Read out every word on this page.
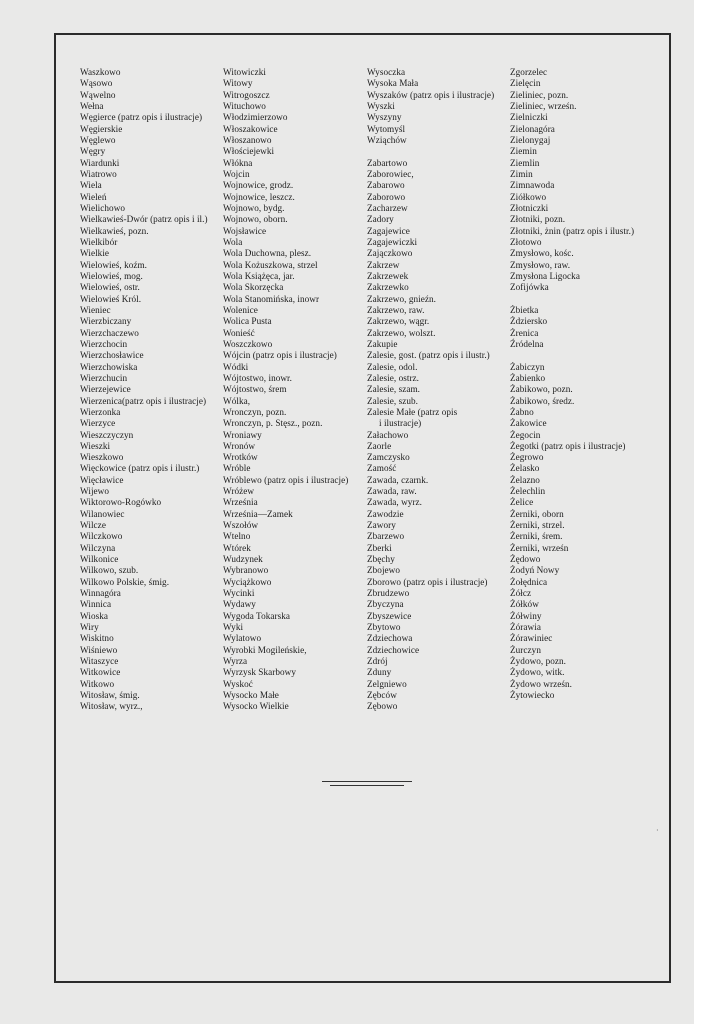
Waszkowo
Wąsowo
Wąwelno
Wełna
Węgierce (patrz opis i ilustracje)
Węgierskie
Węglewo
Węgry
Wiardunki
Wiatrowo
Wiela
Wieleń
Wielichowo
Wielkawieś-Dwór (patrz opis i il.)
Wielkawieś, pozn.
Wielkibór
Wielkie
Wielowieś, koźm.
Wielowieś, mog.
Wielowieś, ostr.
Wielowieś Król.
Wieniec
Wierzbiczany
Wierzchaczewo
Wierzchocin
Wierzchosławice
Wierzchowiska
Wierzchucin
Wierzejewice
Wierzenica(patrz opis i ilustracje)
Wierzonka
Wierzyce
Wieszczyczyn
Wieszki
Wieszkowo
Więckowice (patrz opis i ilustr.)
Więcławice
Wijewo
Wiktorowo-Rogówko
Wilanowiec
Wilcze
Wilczkowo
Wilczyna
Wilkonice
Wilkowo, szub.
Wilkowo Polskie, śmig.
Winnagóra
Winnica
Wioska
Wiry
Wiskitno
Wiśniewo
Witaszyce
Witkowice
Witkowo
Witosław, śmig.
Witosław, wyrz.,
Witowiczki
Witowy
Witrogoszcz
Wituchowo
Włodzimierzowo
Włoszakowice
Włoszanowo
Włościejewki
Włókna
Wojcin
Wojnowice, grodz.
Wojnowice, leszcz.
Wojnowo, bydg.
Wojnowo, oborn.
Wojsławice
Wola
Wola Duchowna, plesz.
Wola Kożuszkowa, strzel
Wola Książęca, jar.
Wola Skorzęcka
Wola Stanomińska, inowr
Wolenice
Wolica Pusta
Wonieść
Woszczkowo
Wójcin (patrz opis i ilustracje)
Wódki
Wójtostwo, inowr.
Wójtostwo, śrem
Wólka,
Wronczyn, pozn.
Wronczyn, p. Stęsz., pozn.
Wroniawy
Wronów
Wrotków
Wróble
Wróblewo (patrz opis i ilustracje)
Wróżew
Września
Września—Zamek
Wszołów
Wtelno
Wtórek
Wudzynek
Wybranowo
Wyciążkowo
Wycinki
Wydawy
Wygoda Tokarska
Wyki
Wylatowo
Wyrobki Mogileńskie,
Wyrza
Wyrzysk Skarbowy
Wyskoć
Wysocko Małe
Wysocko Wielkie
Wysoczka
Wysoka Mała
Wyszaków (patrz opis i ilustracje)
Wyszki
Wyszyny
Wytomyśl
Wziąchów
Zabartowo
Zaborowiec,
Zabarowo
Zaborowo
Zacharzew
Zadory
Zagajewice
Zagajewiczki
Zajączkowo
Zakrzew
Zakrzewek
Zakrzewko
Zakrzewo, gnieźn.
Zakrzewo, raw.
Zakrzewo, wągr.
Zakrzewo, wolszt.
Zakupie
Zalesie, gost. (patrz opis i ilustr.)
Zalesie, odol.
Zalesie, ostrz.
Zalesie, szam.
Zalesie, szub.
Zalesie Małe (patrz opis
i ilustracje)
Załachowo
Zaorle
Zamczysko
Zamość
Zawada, czarnk.
Zawada, raw.
Zawada, wyrz.
Zawodzie
Zawory
Zbarzewo
Zberki
Zbęchy
Zbojewo
Zborowo (patrz opis i ilustracje)
Zbrudzewo
Zbyczyna
Zbyszewice
Zbytowo
Zdziechowa
Zdziechowice
Zdrój
Zduny
Zelgniewo
Zębców
Zębowo
Zgorzelec
Zielęcin
Zieliniec, pozn.
Zieliniec, wrześn.
Zielniczki
Zielonagóra
Zielonygaj
Ziemin
Ziemlin
Zimin
Zimnawoda
Ziółkowo
Złotniczki
Złotniki, pozn.
Złotniki, żnin (patrz opis i ilustr.)
Złotowo
Zmysłowo, kośc.
Zmysłowo, raw.
Zmysłona Ligocka
Zofijówka
Żbietka
Żdziersko
Żrenica
Źródelna
Żabiczyn
Żabienko
Żabikowo, pozn.
Żabikowo, średz.
Żabno
Żakowice
Żegocin
Żegotki (patrz opis i ilustracje)
Żegrowo
Żelasko
Żelazno
Żelechlin
Żelice
Żerniki, oborn
Żerniki, strzel.
Żerniki, śrem.
Żerniki, wrześn
Żędowo
Żodyń Nowy
Żołędnica
Żółcz
Żółków
Żółwiny
Żórawia
Żórawiniec
Żurczyn
Żydowo, pozn.
Żydowo, witk.
Żydowo wrześn.
Żytowiecko
·
